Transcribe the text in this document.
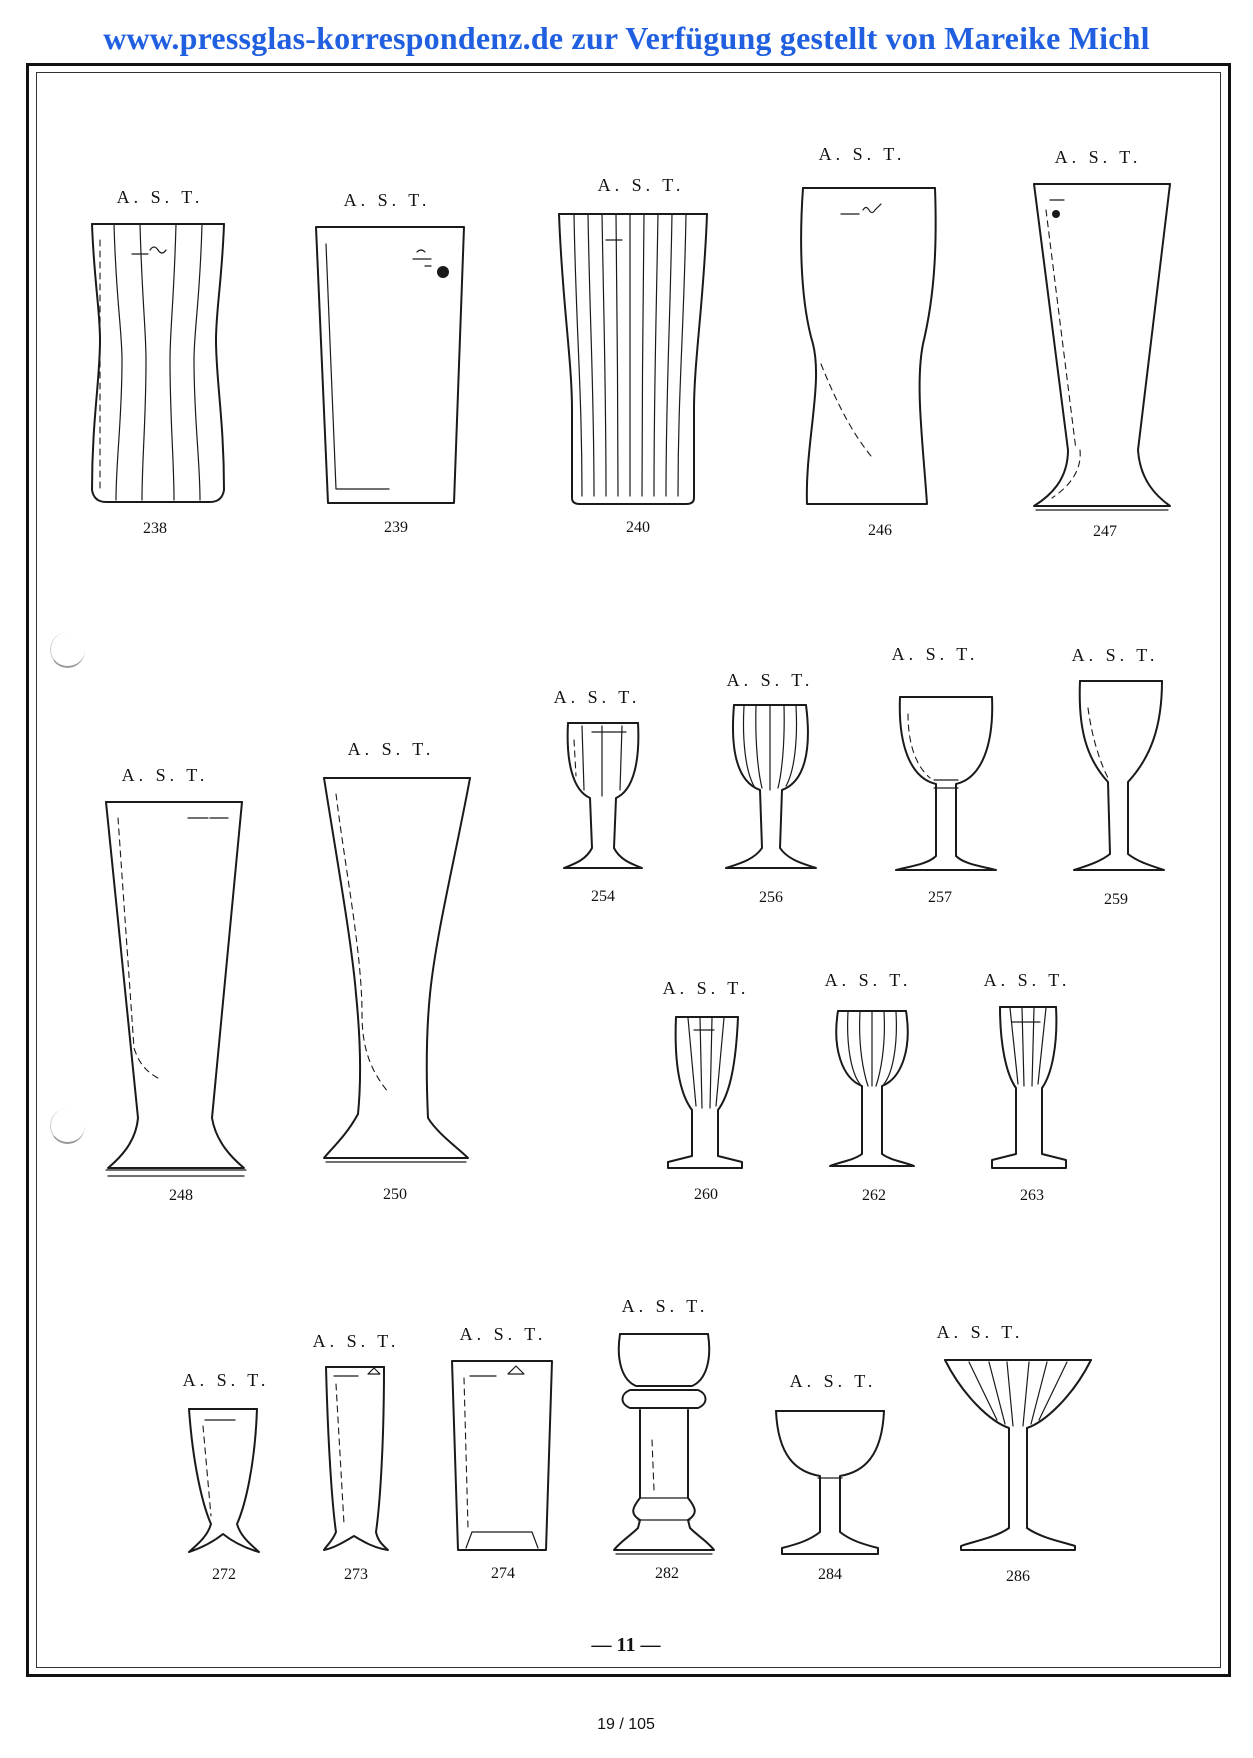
www.pressglas-korrespondenz.de zur Verfügung gestellt von Mareike Michl
A. S. T.
238
A. S. T.
239
A. S. T.
240
A. S. T.
246
A. S. T.
247
A. S. T.
248
A. S. T.
250
A. S. T.
254
A. S. T.
256
A. S. T.
257
A. S. T.
259
A. S. T.
260
A. S. T.
262
A. S. T.
263
A. S. T.
272
A. S. T.
273
A. S. T.
274
A. S. T.
282
A. S. T.
284
A. S. T.
286
— 11 —
19 / 105
